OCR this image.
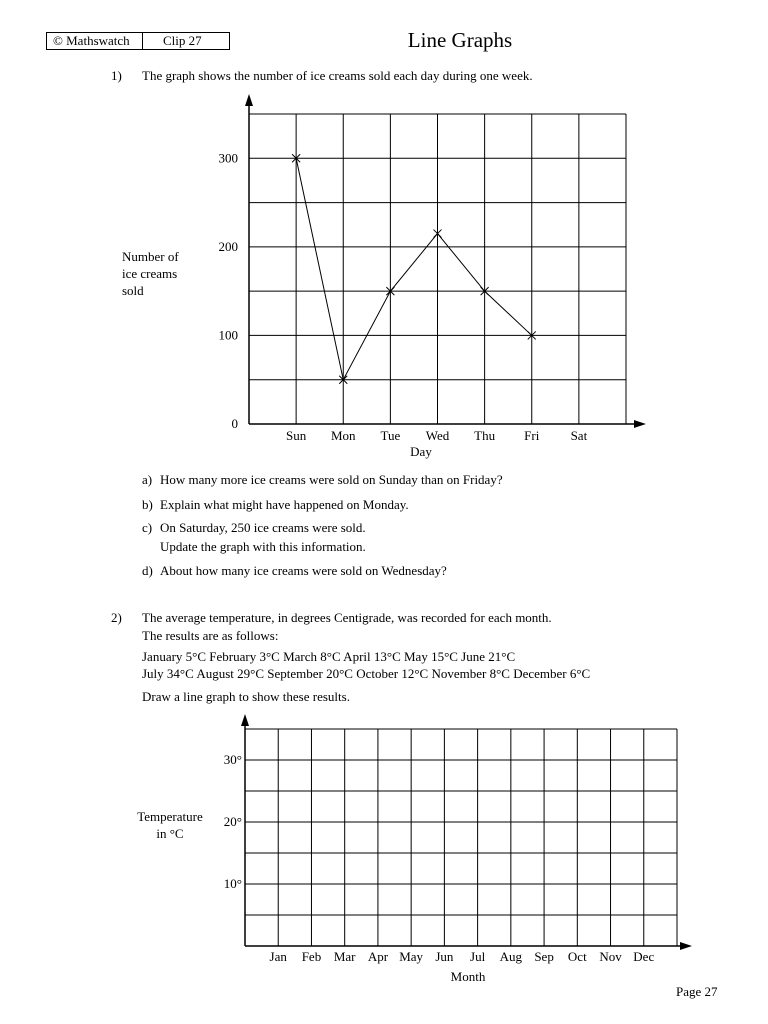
© Mathswatch	Clip 27	Line Graphs
1) The graph shows the number of ice creams sold each day during one week.
Number of
ice creams
sold
0
100
200
300
Sun Mon Tue Wed Thu Fri Sat
Day
a) How many more ice creams were sold on Sunday than on Friday?
b) Explain what might have happened on Monday.
c) On Saturday, 250 ice creams were sold.
Update the graph with this information.
d) About how many ice creams were sold on Wednesday?
2) The average temperature, in degrees Centigrade, was recorded for each month.
The results are as follows:
January 5°C February 3°C March 8°C April 13°C May 15°C June 21°C
July 34°C August 29°C September 20°C October 12°C November 8°C December 6°C
Draw a line graph to show these results.
Temperature
in °C
10°
20°
30°
Jan Feb Mar Apr May Jun Jul Aug Sep Oct Nov Dec
Month
Page 27
